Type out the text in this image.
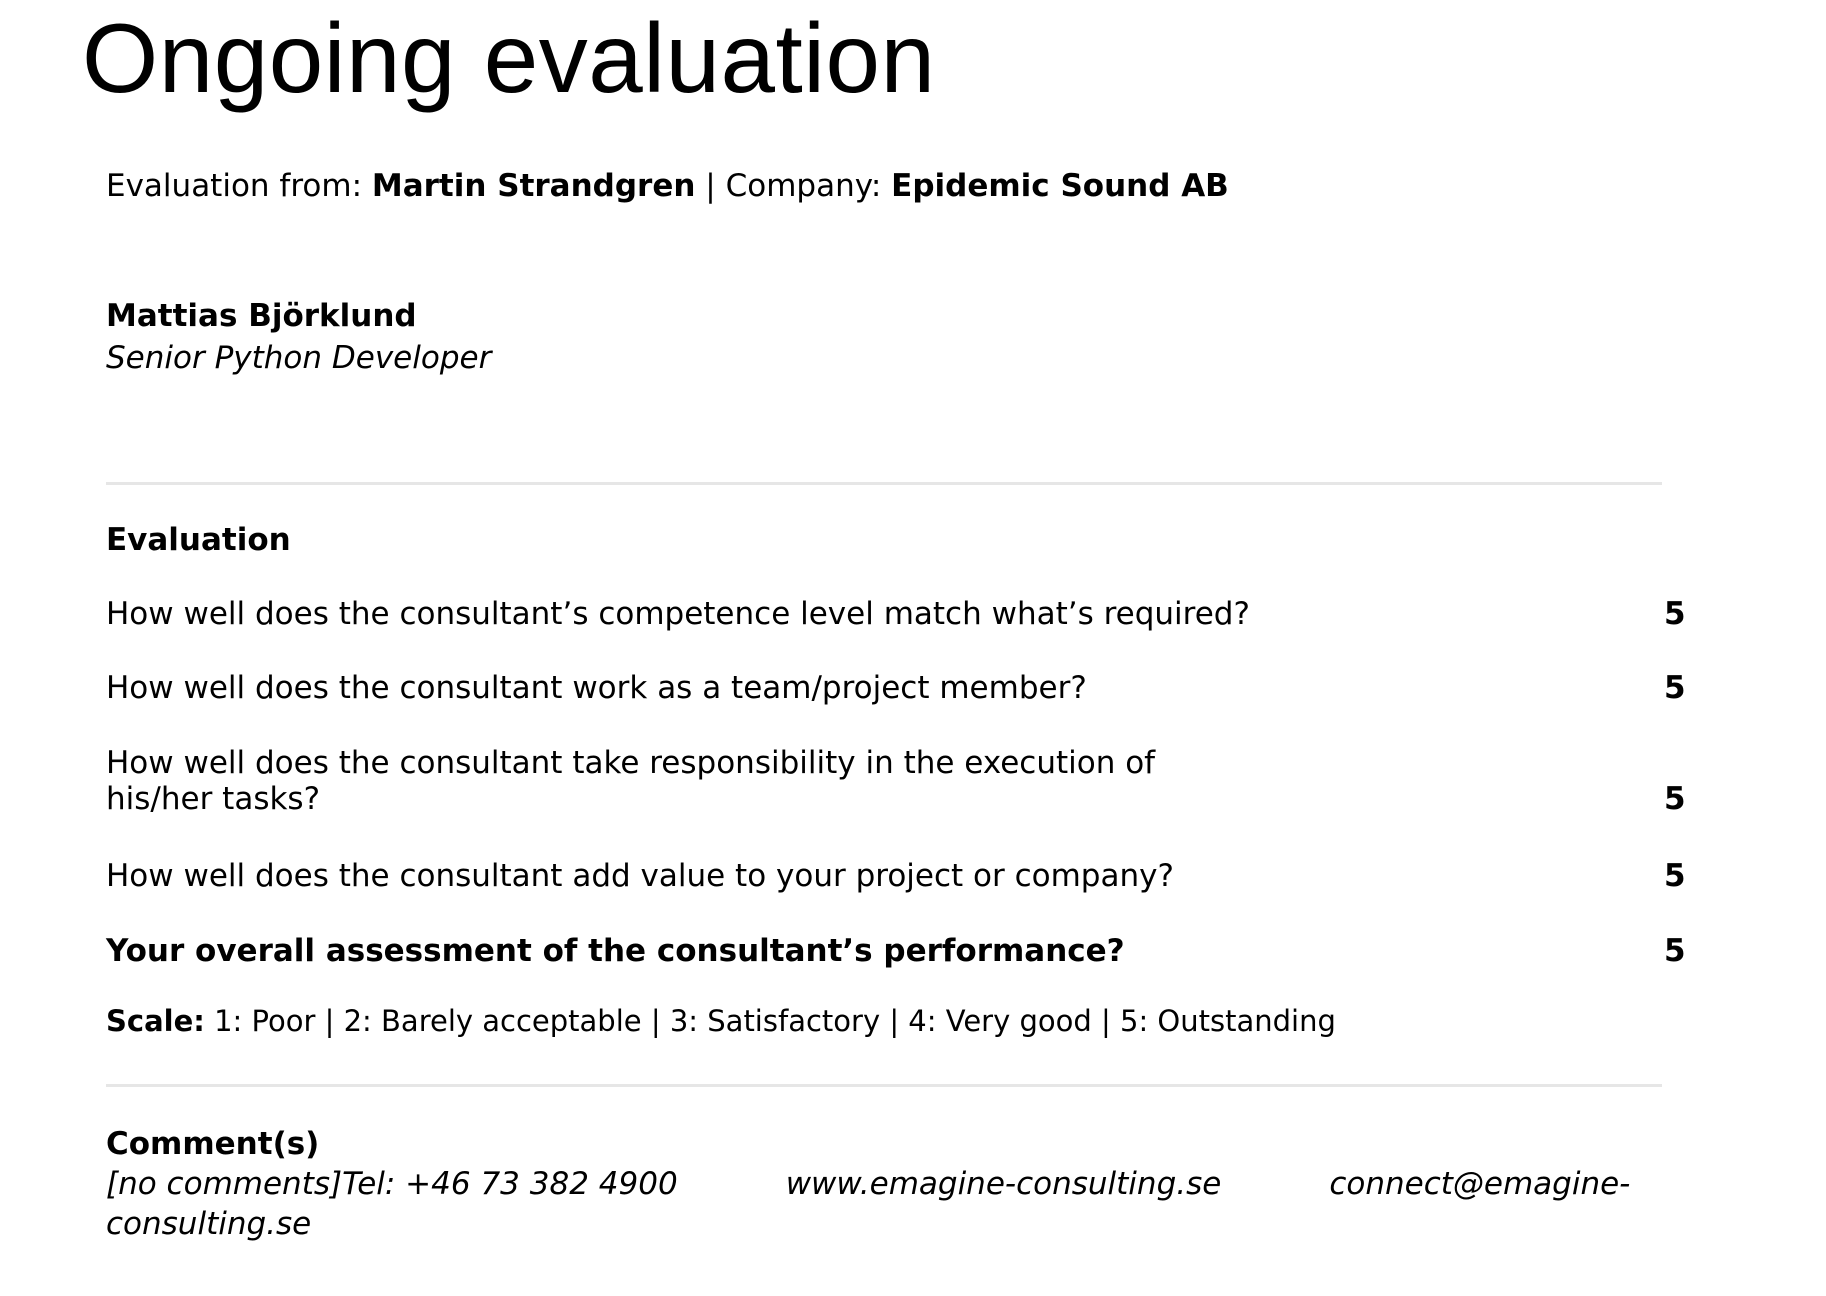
Ongoing evaluation
Evaluation from: Martin Strandgren | Company: Epidemic Sound AB
Mattias Björklund
Senior Python Developer
Evaluation
How well does the consultant’s competence level match what’s required?	5
How well does the consultant work as a team/project member?	5
How well does the consultant take responsibility in the execution of
his/her tasks?	5
How well does the consultant add value to your project or company?	5
Your overall assessment of the consultant’s performance?	5
Scale: 1: Poor | 2: Barely acceptable | 3: Satisfactory | 4: Very good | 5: Outstanding
Comment(s)
[no comments]Tel: +46 73 382 4900	www.emagine-consulting.se	connect@emagine-
consulting.se
